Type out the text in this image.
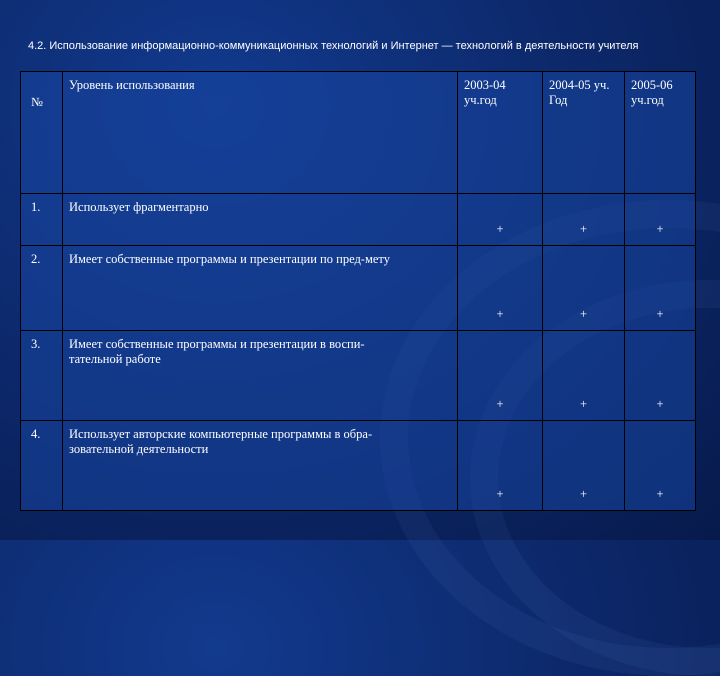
4.2. Использование информационно-коммуникационных технологий и Интернет — технологий в деятельности учителя
№	Уровень использования	2003-04 уч.год	2004-05 уч. Год	2005-06 уч.год
1.	Использует фрагментарно	+	+	+

2.	Имеет собственные программы и презентации по пред-мету	+	+	+

3.	Имеет собственные программы и презентации в воспи-тательной работе	+	+	+

4.	Использует авторские компьютерные программы в обра-зовательной деятельности	+	+	+
